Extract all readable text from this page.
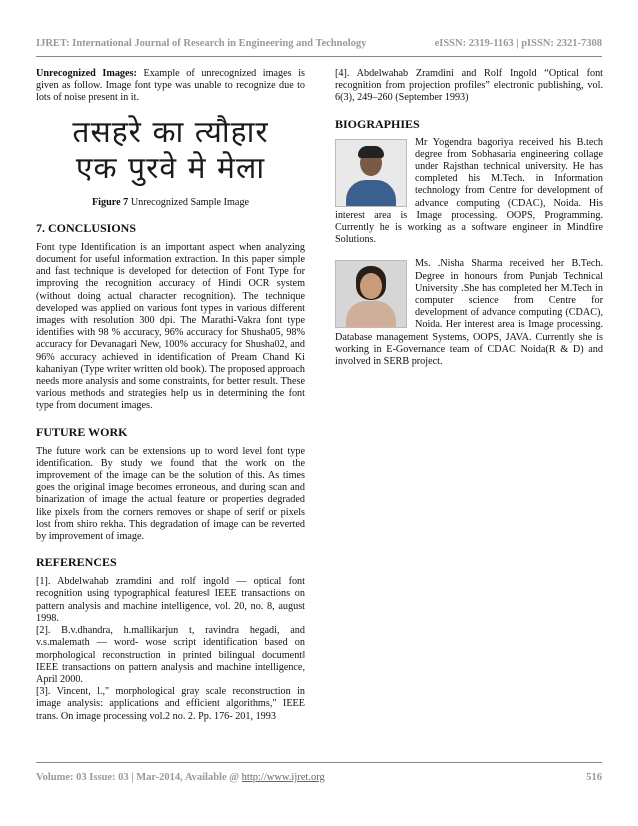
IJRET: International Journal of Research in Engineering and Technology	eISSN: 2319-1163 | pISSN: 2321-7308

Unrecognized Images: Example of unrecognized images is given as follow. Image font type was unable to recognize due to lots of noise present in it.

तसहरे का त्यौहार
एक पुरवे मे मेला

Figure 7 Unrecognized Sample Image

7. CONCLUSIONS

Font type Identification is an important aspect when analyzing document for useful information extraction. In this paper simple and fast technique is developed for detection of Font Type for improving the recognition accuracy of Hindi OCR system (without doing actual character recognition). The technique developed was applied on various font types in various different images with resolution 300 dpi. The Marathi-Vakra font type identifies with 98 % accuracy, 96% accuracy for Shusha05, 98% accuracy for Devanagari New, 100% accuracy for Shusha02, and 96% accuracy achieved in identification of Pream Chand Ki kahaniyan (Type writer written old book). The proposed approach needs more analysis and some constraints, for better result. These various methods and strategies help us in determining the font type from document images.

FUTURE WORK

The future work can be extensions up to word level font type identification. By study we found that the work on the improvement of the image can be the solution of this. As times goes the original image becomes erroneous, and during scan and binarization of image the actual feature or properties degraded like pixels from the corners removes or shape of serif or pixels lost from shiro rekha. This degradation of image can be reverted by improvement of image.

REFERENCES

[1]. Abdelwahab zramdini and rolf ingold ― optical font recognition using typographical features‖ IEEE transactions on pattern analysis and machine intelligence, vol. 20, no. 8, august 1998.

[2]. B.v.dhandra, h.mallikarjun t, ravindra hegadi, and v.s.malemath ― word- wose script identification based on morphological reconstruction in printed bilingual document‖ IEEE transactions on pattern analysis and machine intelligence, April 2000.

[3]. Vincent, l.," morphological gray scale reconstruction in image analysis: applications and efficient algorithms," IEEE trans. On image processing vol.2 no. 2. Pp. 176- 201, 1993

[4]. Abdelwahab Zramdini and Rolf Ingold “Optical font recognition from projection profiles” electronic publishing, vol. 6(3), 249–260 (September 1993)

BIOGRAPHIES

Mr Yogendra bagoriya received his B.tech degree from Sobhasaria engineering collage under Rajsthan technical university. He has completed his M.Tech. in Information technology from Centre for development of advance computing (CDAC), Noida. His interest area is Image processing. OOPS, Programming. Currently he is working as a software engineer in Mindfire Solutions.

Ms. .Nisha Sharma received her B.Tech. Degree in honours from Punjab Technical University .She has completed her M.Tech in computer science from Centre for development of advance computing (CDAC), Noida. Her interest area is Image processing. Database management Systems, OOPS, JAVA. Currently she is working in E-Governance team of CDAC Noida(R & D) and involved in SERB project.

Volume: 03 Issue: 03 | Mar-2014, Available @ http://www.ijret.org	516
